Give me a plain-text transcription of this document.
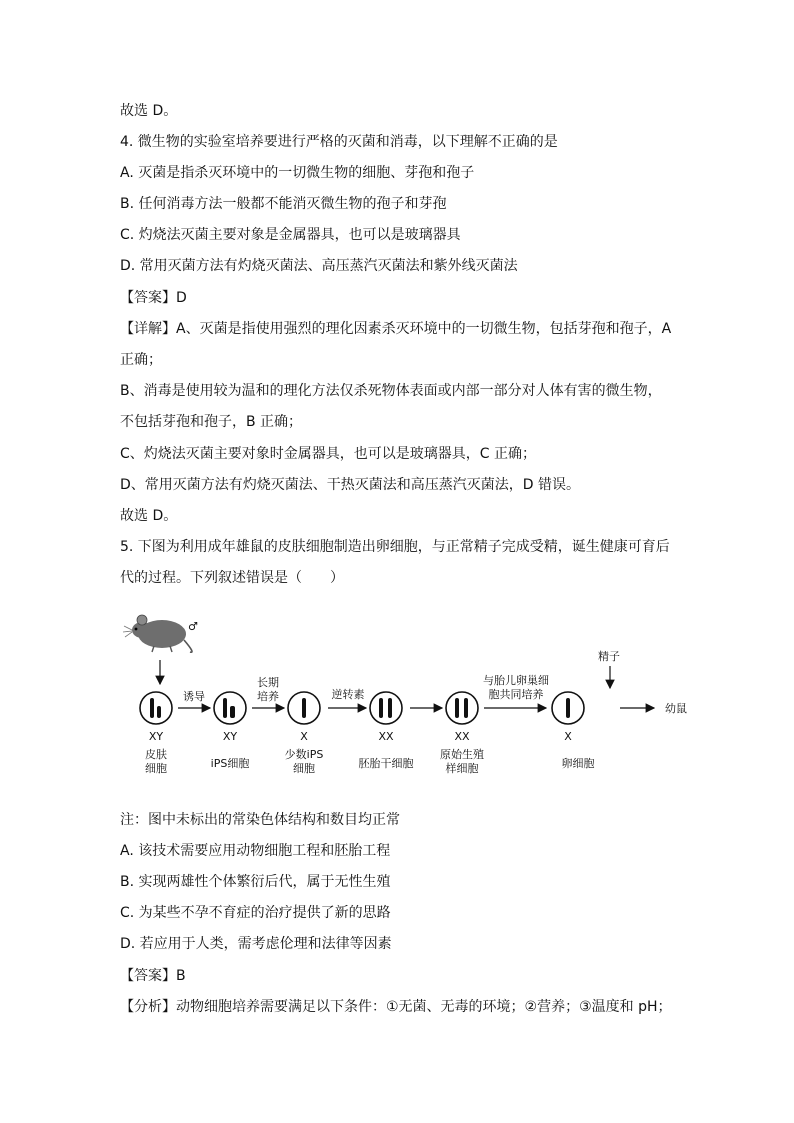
故选 D。
4. 微生物的实验室培养要进行严格的灭菌和消毒，以下理解不正确的是
A. 灭菌是指杀灭环境中的一切微生物的细胞、芽孢和孢子
B. 任何消毒方法一般都不能消灭微生物的孢子和芽孢
C. 灼烧法灭菌主要对象是金属器具，也可以是玻璃器具
D. 常用灭菌方法有灼烧灭菌法、高压蒸汽灭菌法和紫外线灭菌法
【答案】D
【详解】A、灭菌是指使用强烈的理化因素杀灭环境中的一切微生物，包括芽孢和孢子，A
正确；
B、消毒是使用较为温和的理化方法仅杀死物体表面或内部一部分对人体有害的微生物，
不包括芽孢和孢子，B 正确；
C、灼烧法灭菌主要对象时金属器具，也可以是玻璃器具，C 正确；
D、常用灭菌方法有灼烧灭菌法、干热灭菌法和高压蒸汽灭菌法，D 错误。
故选 D。
5. 下图为利用成年雄鼠的皮肤细胞制造出卵细胞，与正常精子完成受精，诞生健康可育后
代的过程。下列叙述错误是（　　）
♂
精子
幼鼠
XY
皮肤
细胞
诱导
XY
iPS细胞
长期
培养
X
少数iPS
细胞
逆转素
XX
胚胎干细胞
XX
原始生殖
样细胞
与胎儿卵巢细
胞共同培养
X
卵细胞
注：图中未标出的常染色体结构和数目均正常
A. 该技术需要应用动物细胞工程和胚胎工程
B. 实现两雄性个体繁衍后代，属于无性生殖
C. 为某些不孕不育症的治疗提供了新的思路
D. 若应用于人类，需考虑伦理和法律等因素
【答案】B
【分析】动物细胞培养需要满足以下条件：①无菌、无毒的环境；②营养；③温度和 pH；
